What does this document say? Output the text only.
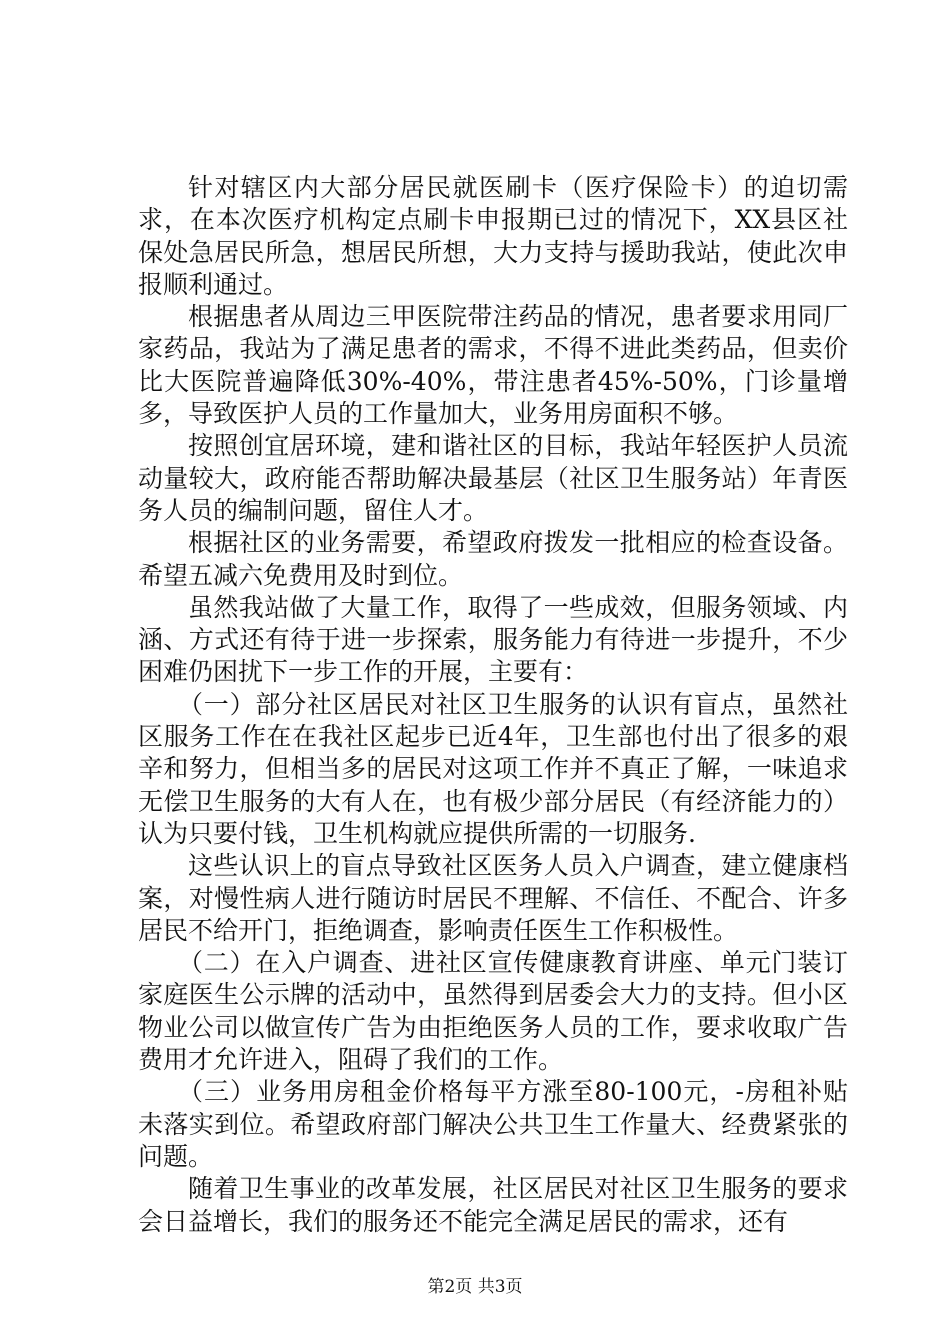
针对辖区内大部分居民就医刷卡（医疗保险卡）的迫切需求，在本次医疗机构定点刷卡申报期已过的情况下，XX县区社保处急居民所急，想居民所想，大力支持与援助我站，使此次申报顺利通过。

根据患者从周边三甲医院带注药品的情况，患者要求用同厂家药品，我站为了满足患者的需求，不得不进此类药品，但卖价比大医院普遍降低30%-40%，带注患者45%-50%，门诊量增多，导致医护人员的工作量加大，业务用房面积不够。

按照创宜居环境，建和谐社区的目标，我站年轻医护人员流动量较大，政府能否帮助解决最基层（社区卫生服务站）年青医务人员的编制问题，留住人才。

根据社区的业务需要，希望政府拨发一批相应的检查设备。希望五减六免费用及时到位。

虽然我站做了大量工作，取得了一些成效，但服务领域、内涵、方式还有待于进一步探索，服务能力有待进一步提升，不少困难仍困扰下一步工作的开展，主要有：

（一）部分社区居民对社区卫生服务的认识有盲点，虽然社区服务工作在在我社区起步已近4年，卫生部也付出了很多的艰辛和努力，但相当多的居民对这项工作并不真正了解，一味追求无偿卫生服务的大有人在，也有极少部分居民（有经济能力的）认为只要付钱，卫生机构就应提供所需的一切服务.

这些认识上的盲点导致社区医务人员入户调查，建立健康档案，对慢性病人进行随访时居民不理解、不信任、不配合、许多居民不给开门，拒绝调查，影响责任医生工作积极性。

（二）在入户调查、进社区宣传健康教育讲座、单元门装订家庭医生公示牌的活动中，虽然得到居委会大力的支持。但小区物业公司以做宣传广告为由拒绝医务人员的工作，要求收取广告费用才允许进入，阻碍了我们的工作。

（三）业务用房租金价格每平方涨至80-100元，-房租补贴未落实到位。希望政府部门解决公共卫生工作量大、经费紧张的问题。

随着卫生事业的改革发展，社区居民对社区卫生服务的要求会日益增长，我们的服务还不能完全满足居民的需求，还有

第2页 共3页
